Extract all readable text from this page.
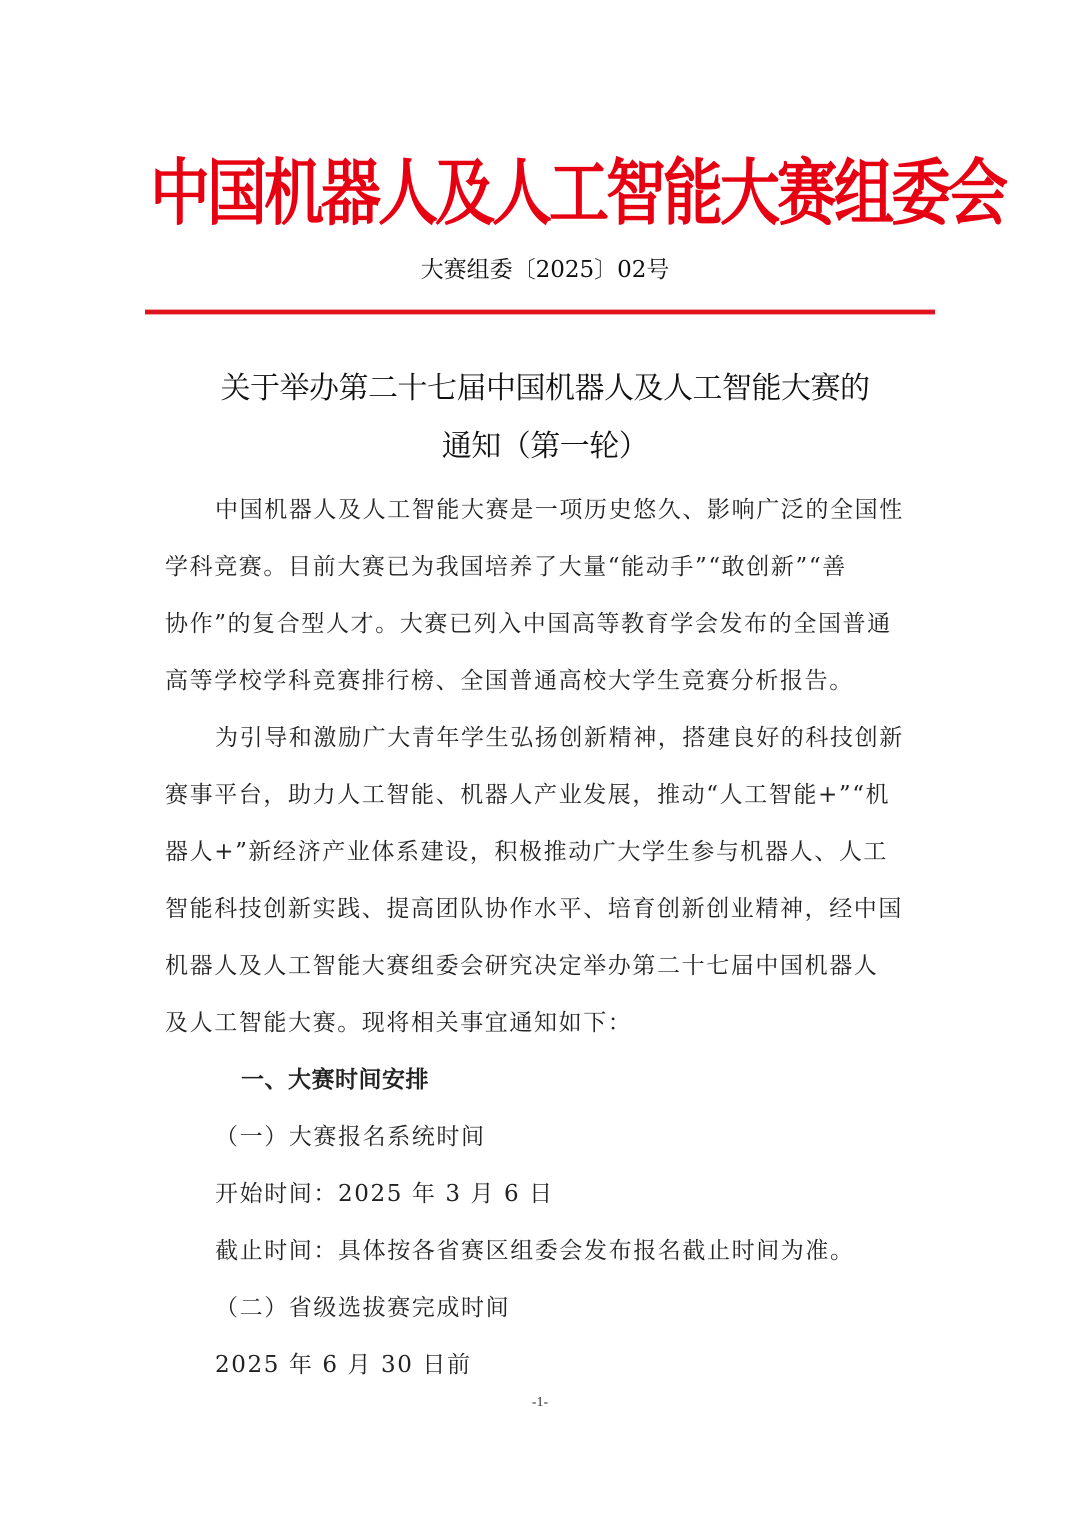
中国机器人及人工智能大赛组委会
大赛组委〔2025〕02号
关于举办第二十七届中国机器人及人工智能大赛的
通知（第一轮）

中国机器人及人工智能大赛是一项历史悠久、影响广泛的全国性
学科竞赛。目前大赛已为我国培养了大量“能动手”“敢创新”“善
协作”的复合型人才。大赛已列入中国高等教育学会发布的全国普通
高等学校学科竞赛排行榜、全国普通高校大学生竞赛分析报告。

为引导和激励广大青年学生弘扬创新精神，搭建良好的科技创新
赛事平台，助力人工智能、机器人产业发展，推动“人工智能+”“机
器人+”新经济产业体系建设，积极推动广大学生参与机器人、人工
智能科技创新实践、提高团队协作水平、培育创新创业精神，经中国
机器人及人工智能大赛组委会研究决定举办第二十七届中国机器人
及人工智能大赛。现将相关事宜通知如下：

一、大赛时间安排
（一）大赛报名系统时间
开始时间：2025 年 3 月 6 日
截止时间：具体按各省赛区组委会发布报名截止时间为准。
（二）省级选拔赛完成时间
2025 年 6 月 30 日前

-1-
